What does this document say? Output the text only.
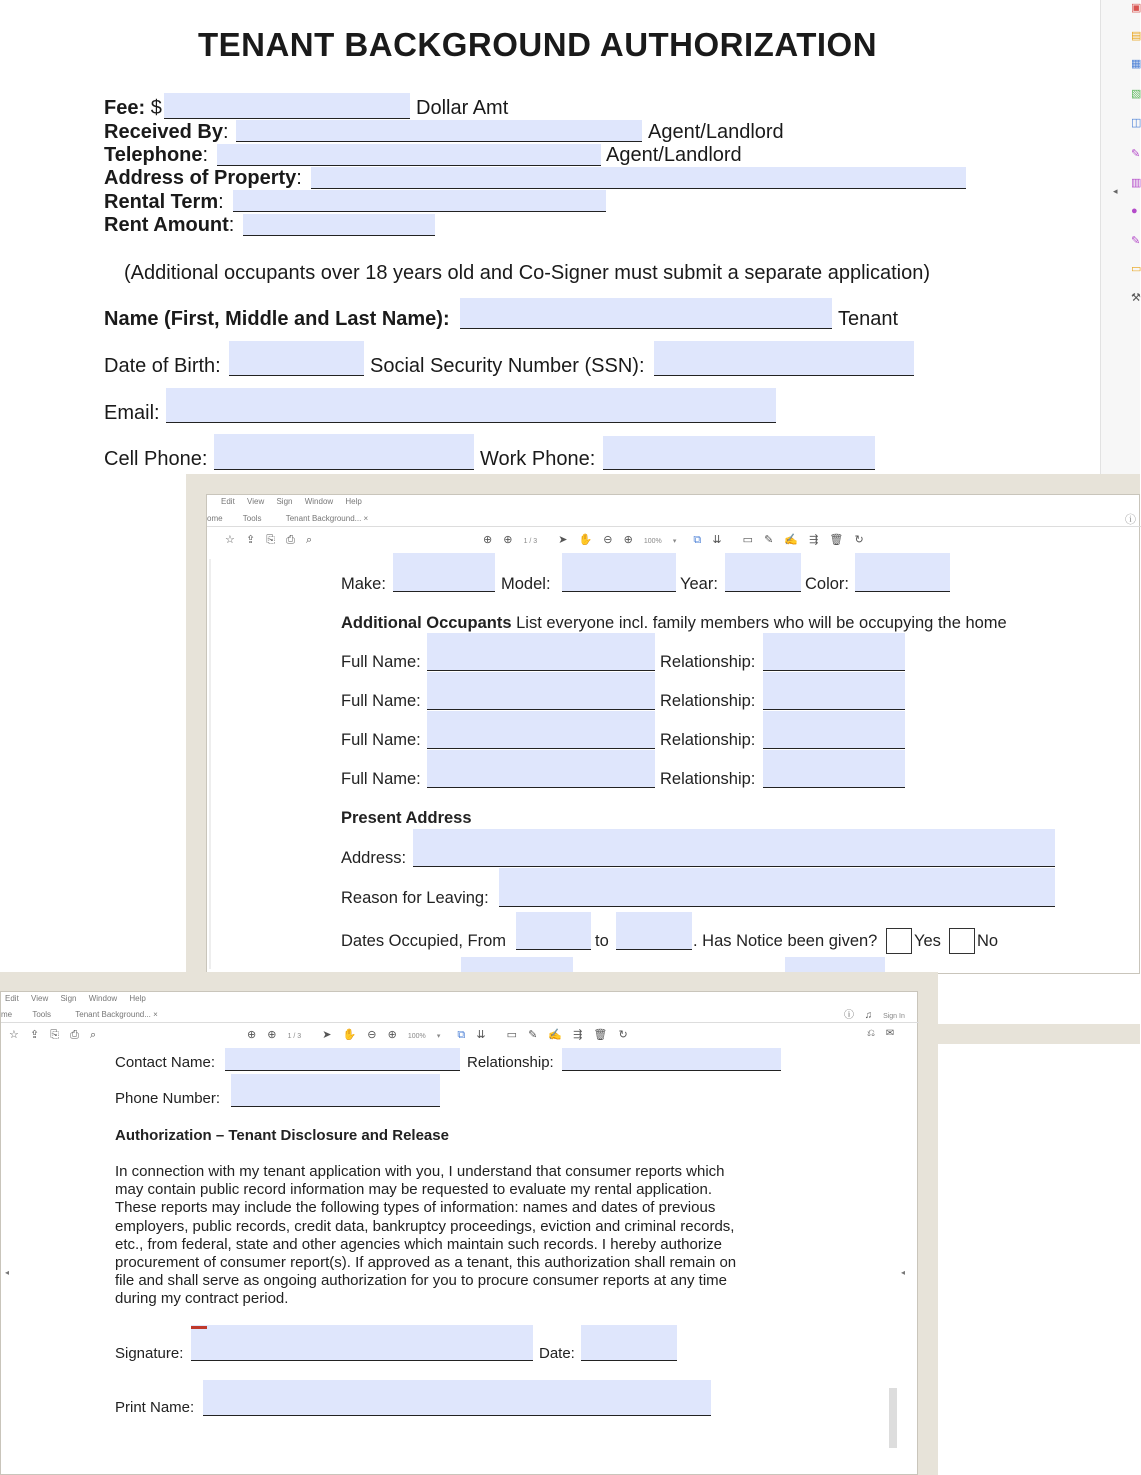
TENANT BACKGROUND AUTHORIZATION
Fee: $	Dollar Amt
Received By:	Agent/Landlord
Telephone:	Agent/Landlord
Address of Property:
Rental Term:
Rent Amount:
(Additional occupants over 18 years old and Co-Signer must submit a separate application)
Name (First, Middle and Last Name):	Tenant
Date of Birth:	Social Security Number (SSN):
Email:
Cell Phone:	Work Phone:
▣
▤
▦
▧
◫
✎
▥
●
✎
▭
⚒
◂
Edit View Sign Window Help
ome	Tools	Tenant Background... ×
☆ ⇪ ⎘ ⎙ ⌕	⊕ ⊕ 1 / 3 ➤ ✋ ⊖ ⊕ 100% ▾ ⧉ ⇊ ▭ ✎ ✍ ⇶ 🗑 ↻
ⓘ
Make:	Model:	Year:	Color:
Additional Occupants List everyone incl. family members who will be occupying the home
Full Name:	Relationship:
Full Name:	Relationship:
Full Name:	Relationship:
Full Name:	Relationship:
Present Address
Address:
Reason for Leaving:
Dates Occupied, From	to	. Has Notice been given? Yes No
Edit View Sign Window Help
me	Tools	Tenant Background... ×
☆ ⇪ ⎘ ⎙ ⌕	⊕ ⊕ 1 / 3 ➤ ✋ ⊖ ⊕ 100% ▾ ⧉ ⇊ ▭ ✎ ✍ ⇶ 🗑 ↻
ⓘ ♫ Sign In
⎌ ✉
◂	◂
Contact Name:	Relationship:
Phone Number:
Authorization – Tenant Disclosure and Release
In connection with my tenant application with you, I understand that consumer reports which
may contain public record information may be requested to evaluate my rental application.
These reports may include the following types of information: names and dates of previous
employers, public records, credit data, bankruptcy proceedings, eviction and criminal records,
etc., from federal, state and other agencies which maintain such records. I hereby authorize
procurement of consumer report(s). If approved as a tenant, this authorization shall remain on
file and shall serve as ongoing authorization for you to procure consumer reports at any time
during my contract period.
Signature:	Date:
Print Name:
